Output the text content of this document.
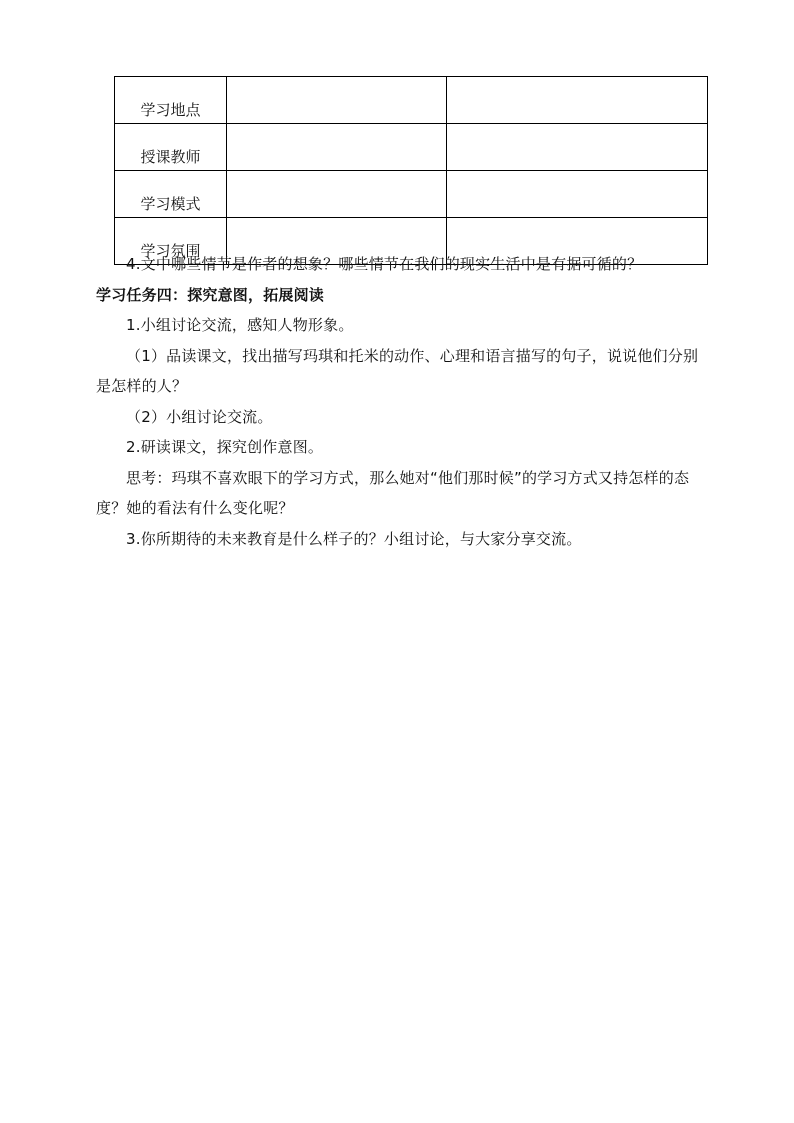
学习地点		
授课教师		
学习模式		
学习氛围		

4.文中哪些情节是作者的想象？哪些情节在我们的现实生活中是有据可循的？

学习任务四：探究意图，拓展阅读

1.小组讨论交流，感知人物形象。

（1）品读课文，找出描写玛琪和托米的动作、心理和语言描写的句子，说说他们分别是怎样的人？

（2）小组讨论交流。

2.研读课文，探究创作意图。

思考：玛琪不喜欢眼下的学习方式，那么她对“他们那时候”的学习方式又持怎样的态度？她的看法有什么变化呢？

3.你所期待的未来教育是什么样子的？小组讨论，与大家分享交流。
